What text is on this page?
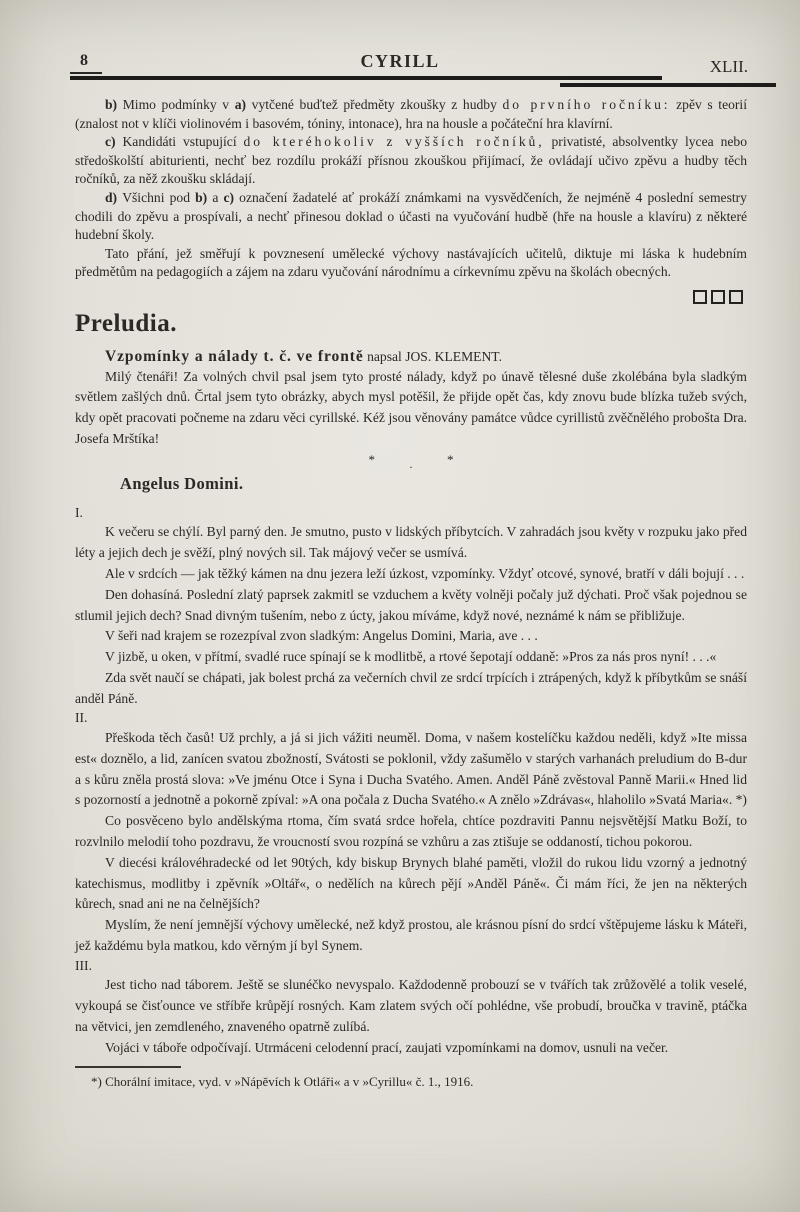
8	CYRILL	XLII.

b) Mimo podmínky v a) vytčené buďtež předměty zkoušky z hudby do prvního ročníku: zpěv s teorií (znalost not v klíči violinovém i basovém, tóniny, intonace), hra na housle a počáteční hra klavírní.

c) Kandidáti vstupující do kteréhokoliv z vyšších ročníků, privatisté, absolventky lycea nebo středoškolští abiturienti, nechť bez rozdílu prokáží přísnou zkouškou přijímací, že ovládají učivo zpěvu a hudby těch ročníků, za něž zkoušku skládají.

d) Všichni pod b) a c) označení žadatelé ať prokáží známkami na vysvědčeních, že nejméně 4 poslední semestry chodili do zpěvu a prospívali, a nechť přinesou doklad o účasti na vyučování hudbě (hře na housle a klavíru) z některé hudební školy.

Tato přání, jež směřují k povznesení umělecké výchovy nastávajících učitelů, diktuje mi láska k hudebním předmětům na pedagogiích a zájem na zdaru vyučování národnímu a církevnímu zpěvu na školách obecných.

Preludia.

Vzpomínky a nálady t. č. ve frontě napsal JOS. KLEMENT.

Milý čtenáři! Za volných chvil psal jsem tyto prosté nálady, když po únavě tělesné duše zkolébána byla sladkým světlem zašlých dnů. Črtal jsem tyto obrázky, abych mysl potěšil, že přijde opět čas, kdy znovu bude blízka tužeb svých, kdy opět pracovati počneme na zdaru věci cyrillské. Kéž jsou věnovány památce vůdce cyrillistů zvěčnělého probošta Dra. Josefa Mrštíka!

*	·	*
Angelus Domini.

I.

K večeru se chýlí. Byl parný den. Je smutno, pusto v lidských příbytcích. V zahradách jsou květy v rozpuku jako před léty a jejich dech je svěží, plný nových sil. Tak májový večer se usmívá.

Ale v srdcích — jak těžký kámen na dnu jezera leží úzkost, vzpomínky. Vždyť otcové, synové, bratří v dáli bojují . . .

Den dohasíná. Poslední zlatý paprsek zakmitl se vzduchem a květy volněji počaly juž dýchati. Proč však pojednou se stlumil jejich dech? Snad divným tušením, nebo z úcty, jakou míváme, když nové, neznámé k nám se přibližuje.

V šeři nad krajem se rozezpíval zvon sladkým: Angelus Domini, Maria, ave . . .

V jizbě, u oken, v přítmí, svadlé ruce spínají se k modlitbě, a rtové šepotají oddaně: »Pros za nás pros nyní! . . .«

Zda svět naučí se chápati, jak bolest prchá za večerních chvil ze srdcí trpících i ztrápených, když k příbytkům se snáší anděl Páně.

II.

Přeškoda těch časů! Už prchly, a já si jich vážiti neuměl. Doma, v našem kostelíčku každou neděli, když »Ite missa est« doznělo, a lid, zanícen svatou zbožností, Svátosti se poklonil, vždy zašumělo v starých varhanách preludium do B-dur a s kůru zněla prostá slova: »Ve jménu Otce i Syna i Ducha Svatého. Amen. Anděl Páně zvěstoval Panně Marii.« Hned lid s pozorností a jednotně a pokorně zpíval: »A ona počala z Ducha Svatého.« A znělo »Zdrávas«, hlaholilo »Svatá Maria«. *)

Co posvěceno bylo andělskýma rtoma, čím svatá srdce hořela, chtíce pozdraviti Pannu nejsvětější Matku Boží, to rozvlnilo melodií toho pozdravu, že vroucností svou rozpíná se vzhůru a zas ztišuje se oddaností, tichou pokorou.

V diecési královéhradecké od let 90tých, kdy biskup Brynych blahé paměti, vložil do rukou lidu vzorný a jednotný katechismus, modlitby i zpěvník »Oltář«, o nedělích na kůrech pějí »Anděl Páně«. Či mám říci, že jen na některých kůrech, snad ani ne na čelnějších?

Myslím, že není jemnější výchovy umělecké, než když prostou, ale krásnou písní do srdcí vštěpujeme lásku k Máteři, jež každému byla matkou, kdo věrným jí byl Synem.

III.

Jest ticho nad táborem. Ještě se slunéčko nevyspalo. Každodenně probouzí se v tvářích tak zrůžovělé a tolik veselé, vykoupá se čisťounce ve stříbře krůpějí rosných. Kam zlatem svých očí pohlédne, vše probudí, broučka v travině, ptáčka na větvici, jen zemdleného, znaveného opatrně zulíbá.

Vojáci v táboře odpočívají. Utrmáceni celodenní prací, zaujati vzpomínkami na domov, usnuli na večer.

*) Chorální imitace, vyd. v »Nápěvích k Otláři« a v »Cyrillu« č. 1., 1916.
